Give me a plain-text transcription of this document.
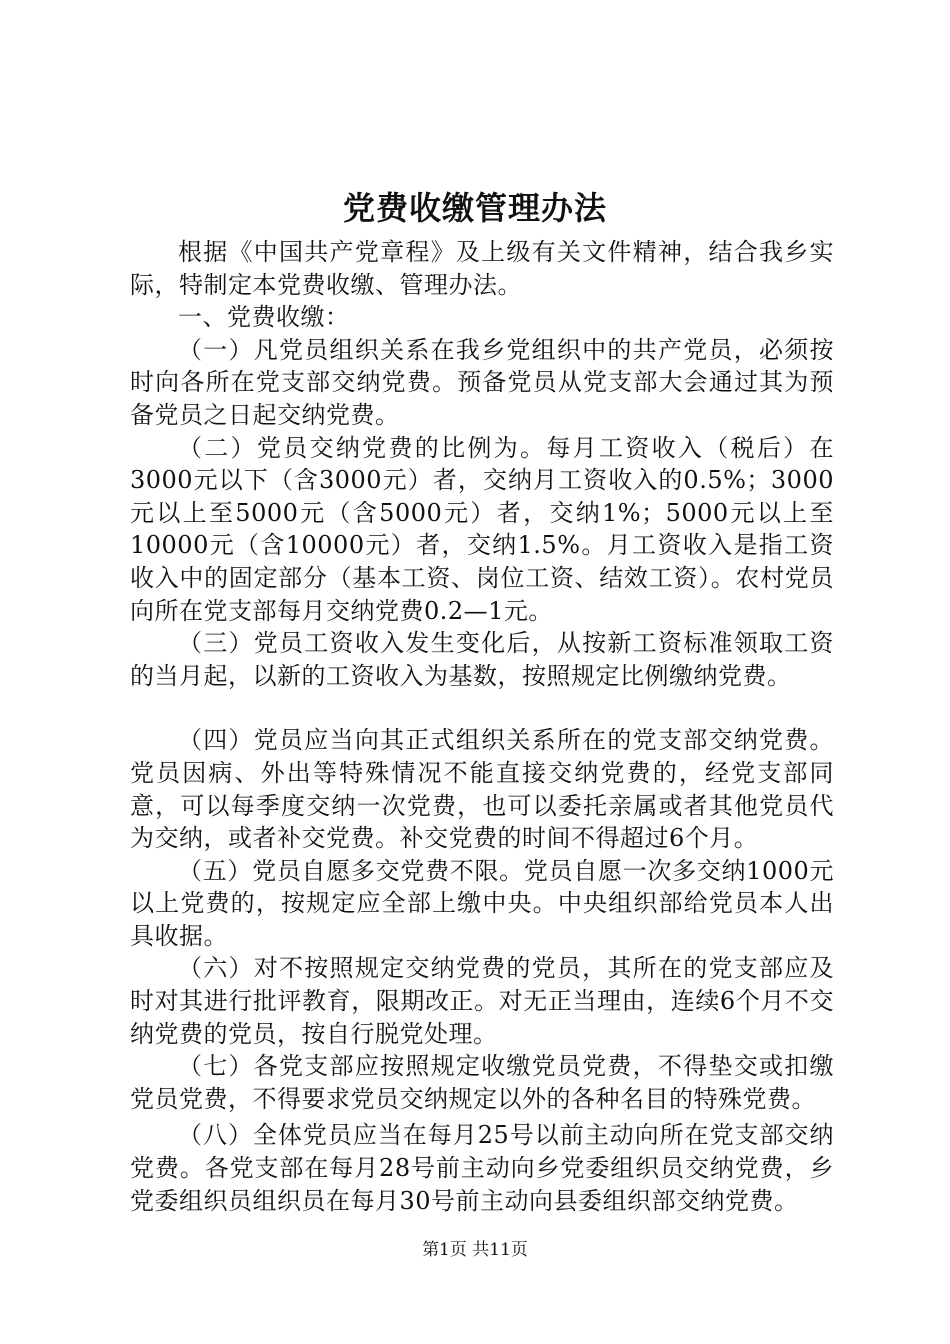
党费收缴管理办法

根据《中国共产党章程》及上级有关文件精神，结合我乡实际，特制定本党费收缴、管理办法。

一、党费收缴：

（一）凡党员组织关系在我乡党组织中的共产党员，必须按时向各所在党支部交纳党费。预备党员从党支部大会通过其为预备党员之日起交纳党费。

（二）党员交纳党费的比例为。每月工资收入（税后）在3000元以下（含3000元）者，交纳月工资收入的0.5%；3000元以上至5000元（含5000元）者，交纳1%；5000元以上至10000元（含10000元）者，交纳1.5%。月工资收入是指工资收入中的固定部分（基本工资、岗位工资、结效工资）。农村党员向所在党支部每月交纳党费0.2—1元。

（三）党员工资收入发生变化后，从按新工资标准领取工资的当月起，以新的工资收入为基数，按照规定比例缴纳党费。

（四）党员应当向其正式组织关系所在的党支部交纳党费。党员因病、外出等特殊情况不能直接交纳党费的，经党支部同意，可以每季度交纳一次党费，也可以委托亲属或者其他党员代为交纳，或者补交党费。补交党费的时间不得超过6个月。

（五）党员自愿多交党费不限。党员自愿一次多交纳1000元以上党费的，按规定应全部上缴中央。中央组织部给党员本人出具收据。

（六）对不按照规定交纳党费的党员，其所在的党支部应及时对其进行批评教育，限期改正。对无正当理由，连续6个月不交纳党费的党员，按自行脱党处理。

（七）各党支部应按照规定收缴党员党费，不得垫交或扣缴党员党费，不得要求党员交纳规定以外的各种名目的特殊党费。

（八）全体党员应当在每月25号以前主动向所在党支部交纳党费。各党支部在每月28号前主动向乡党委组织员交纳党费，乡党委组织员组织员在每月30号前主动向县委组织部交纳党费。

第1页 共11页
